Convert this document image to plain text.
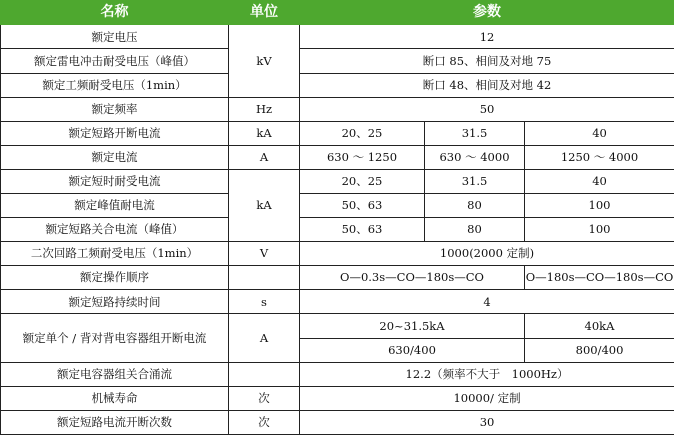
名称	单位	参数		
额定电压	kV	12		
额定雷电冲击耐受电压（峰值）		断口 85、相间及对地 75		
额定工频耐受电压（1min）		断口 48、相间及对地 42		
额定频率	Hz	50		
额定短路开断电流	kA	20、25	31.5	40
额定电流	A	630 ～ 1250	630 ～ 4000	1250 ～ 4000
额定短时耐受电流	kA	20、25	31.5	40
额定峰值耐电流		50、63	80	100
额定短路关合电流（峰值）		50、63	80	100
二次回路工频耐受电压（1min）	V	1000(2000 定制)		
额定操作顺序		O—0.3s—CO—180s—CO		O—180s—CO—180s—CO
额定短路持续时间	s	4		
额定单个 / 背对背电容器组开断电流	A	20~31.5kA		40kA
		630/400		800/400
额定电容器组关合涌流		12.2（频率不大于　1000Hz）		
机械寿命	次	10000/ 定制		
额定短路电流开断次数	次	30		
